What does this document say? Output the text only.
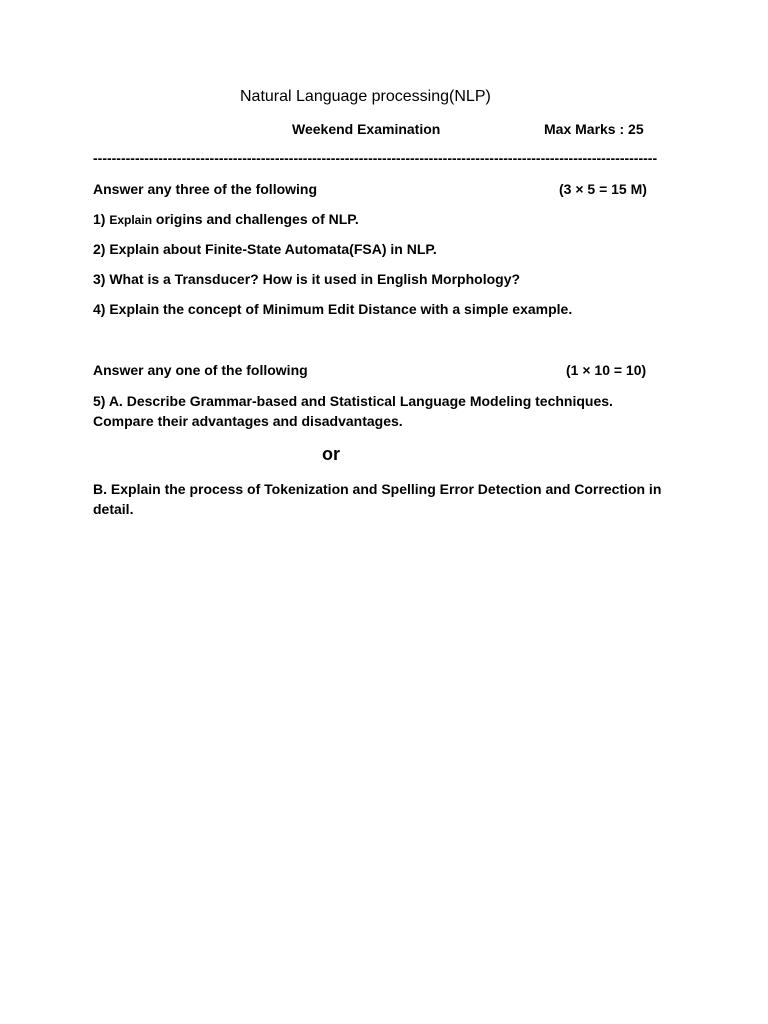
Natural Language processing(NLP)
Weekend Examination	Max Marks : 25
-------------------------------------------------------------------------------------------------------------------------
Answer any three of the following	(3 × 5 = 15 M)
1) Explain origins and challenges of NLP.
2) Explain about Finite-State Automata(FSA) in NLP.
3) What is a Transducer? How is it used in English Morphology?
4) Explain the concept of Minimum Edit Distance with a simple example.
Answer any one of the following	(1 × 10 = 10)
5) A. Describe Grammar-based and Statistical Language Modeling techniques. Compare their advantages and disadvantages.
or
B. Explain the process of Tokenization and Spelling Error Detection and Correction in detail.
